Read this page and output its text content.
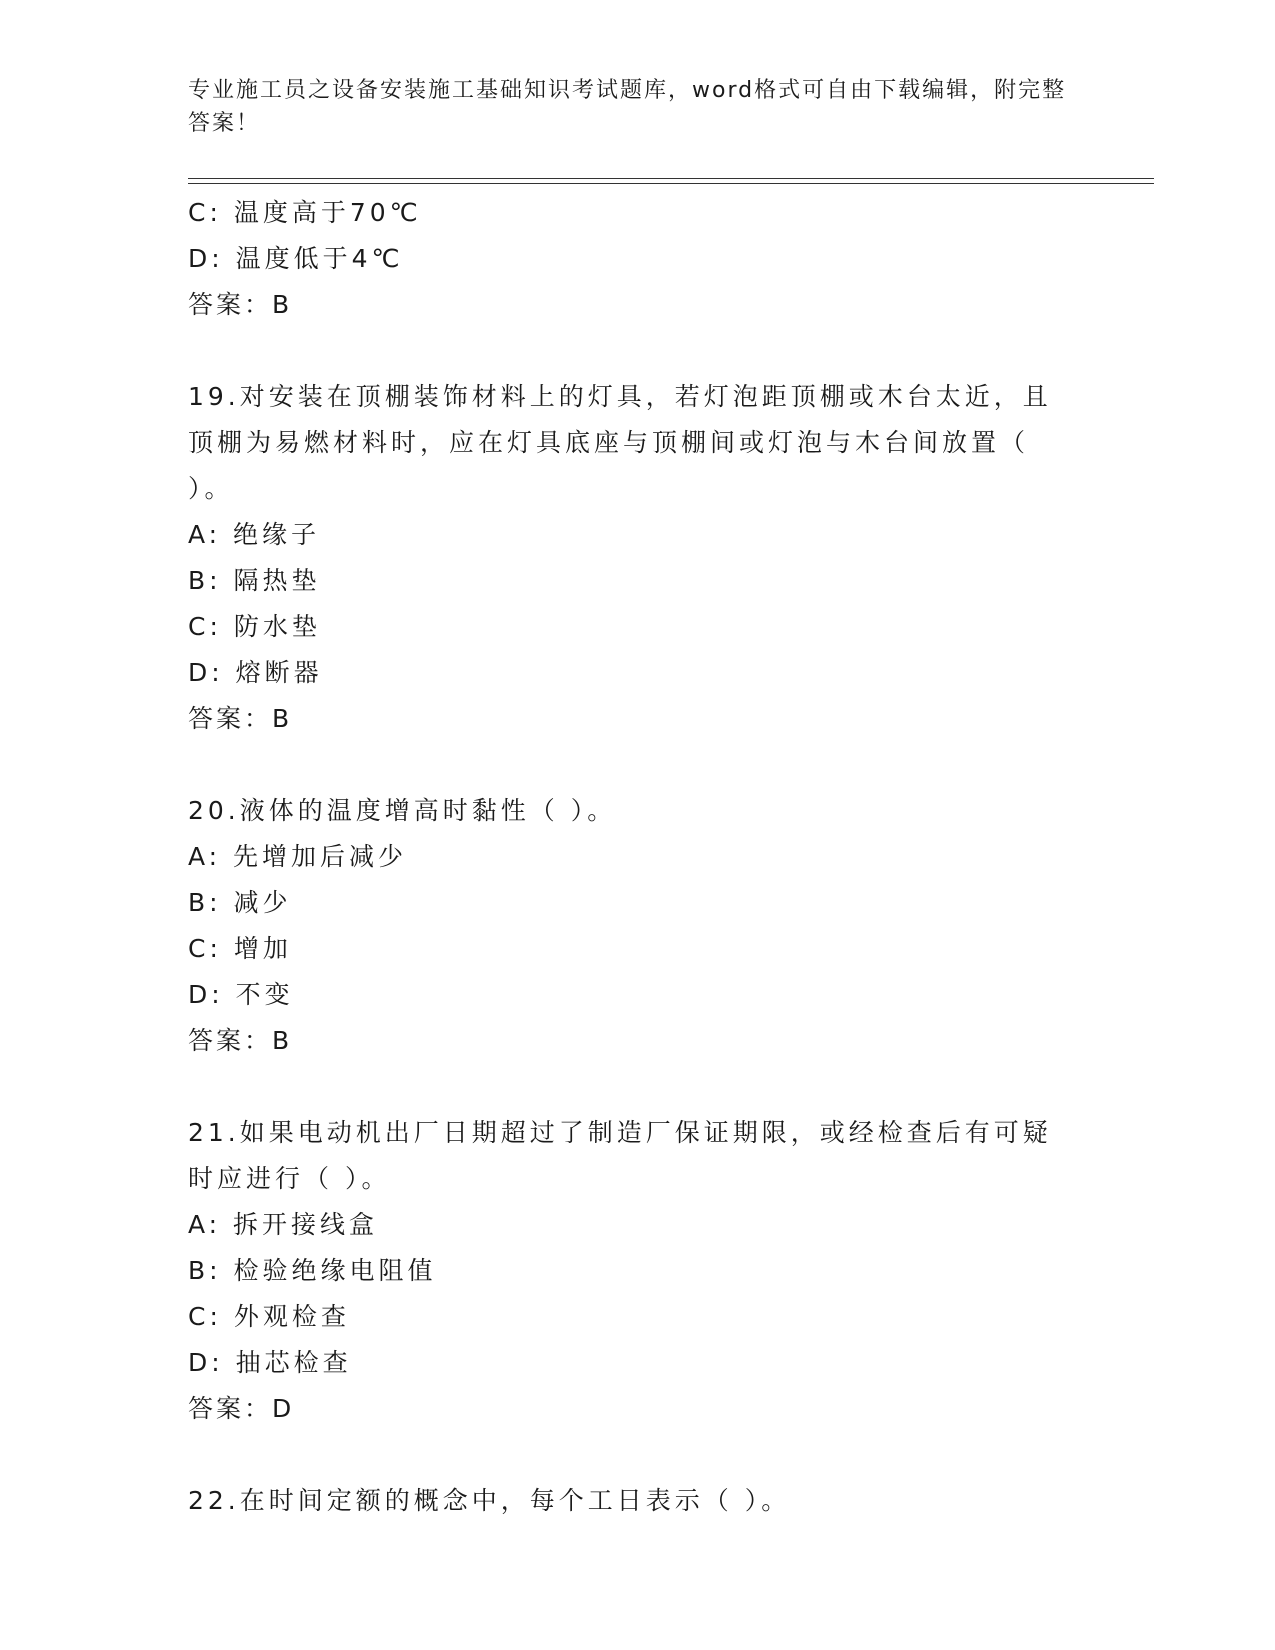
专业施工员之设备安装施工基础知识考试题库，word格式可自由下载编辑，附完整答案！

C: 温度高于70℃

D: 温度低于4℃

答案：B

19.对安装在顶棚装饰材料上的灯具，若灯泡距顶棚或木台太近，且顶棚为易燃材料时，应在灯具底座与顶棚间或灯泡与木台间放置（ ）。

A: 绝缘子

B: 隔热垫

C: 防水垫

D: 熔断器

答案：B

20.液体的温度增高时黏性（ ）。

A: 先增加后减少

B: 减少

C: 增加

D: 不变

答案：B

21.如果电动机出厂日期超过了制造厂保证期限，或经检查后有可疑时应进行（ ）。

A: 拆开接线盒

B: 检验绝缘电阻值

C: 外观检查

D: 抽芯检查

答案：D

22.在时间定额的概念中，每个工日表示（ ）。
